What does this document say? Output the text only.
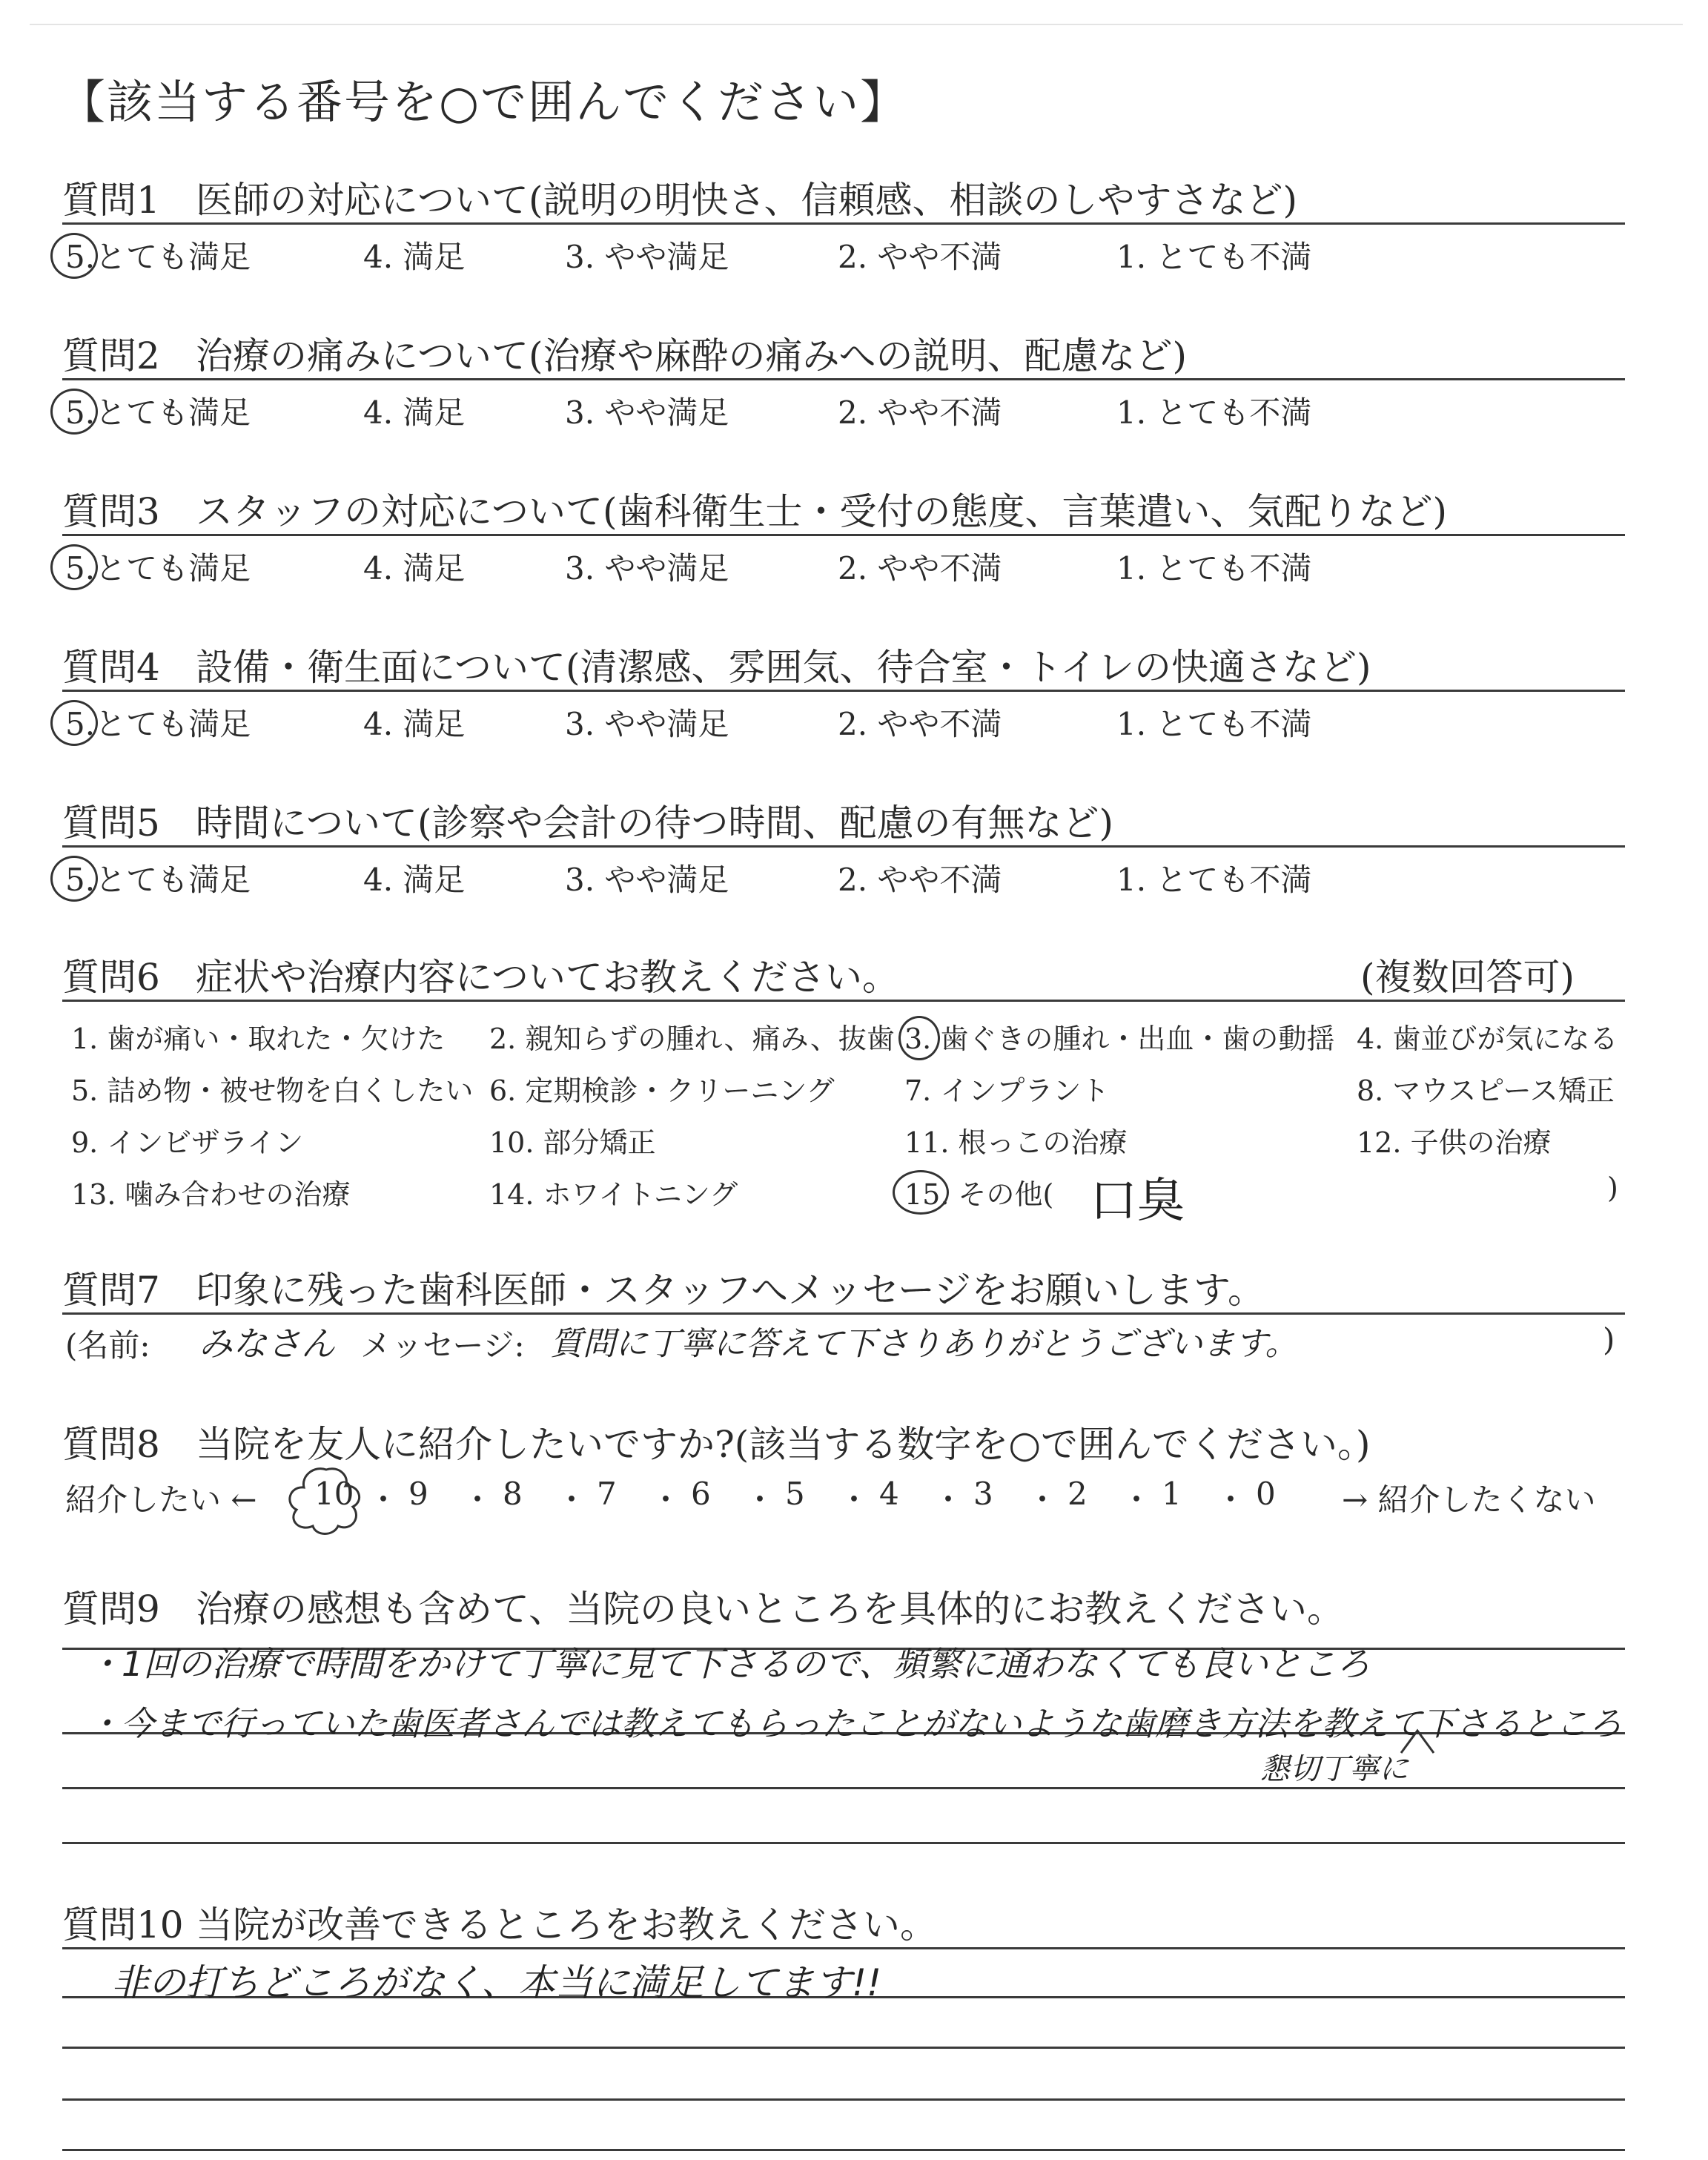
【該当する番号を○で囲んでください】
質問1 医師の対応について(説明の明快さ、信頼感、相談のしやすさなど)
5.とても満足	4. 満足	3. やや満足	2. やや不満	1. とても不満
質問2 治療の痛みについて(治療や麻酔の痛みへの説明、配慮など)
5.とても満足	4. 満足	3. やや満足	2. やや不満	1. とても不満
質問3 スタッフの対応について(歯科衛生士・受付の態度、言葉遣い、気配りなど)
5.とても満足	4. 満足	3. やや満足	2. やや不満	1. とても不満
質問4 設備・衛生面について(清潔感、雰囲気、待合室・トイレの快適さなど)
5.とても満足	4. 満足	3. やや満足	2. やや不満	1. とても不満
質問5 時間について(診察や会計の待つ時間、配慮の有無など)
5.とても満足	4. 満足	3. やや満足	2. やや不満	1. とても不満
質問6 症状や治療内容についてお教えください。	(複数回答可)
1. 歯が痛い・取れた・欠けた 2. 親知らずの腫れ、痛み、抜歯 3. 歯ぐきの腫れ・出血・歯の動揺 4. 歯並びが気になる
5. 詰め物・被せ物を白くしたい 6. 定期検診・クリーニング 7. インプラント	8. マウスピース矯正
9. インビザライン	10. 部分矯正	11. 根っこの治療	12. 子供の治療
13. 噛み合わせの治療	14. ホワイトニング	15. その他(	)
口臭
質問7 印象に残った歯科医師・スタッフへメッセージをお願いします。
(名前: みなさん メッセージ: 質問に丁寧に答えて下さりありがとうございます。	)
質問8 当院を友人に紹介したいですか?(該当する数字を○で囲んでください。)
紹介したい ← 10 ・ 9 ・ 8 ・ 7 ・ 6 ・ 5 ・ 4 ・ 3 ・ 2 ・ 1 ・ 0 → 紹介したくない
質問9 治療の感想も含めて、当院の良いところを具体的にお教えください。
・1回の治療で時間をかけて丁寧に見て下さるので、頻繁に通わなくても良いところ
・今まで行っていた歯医者さんでは教えてもらったことがないような歯磨き方法を教えて下さるところ
懇切丁寧に
質問10 当院が改善できるところをお教えください。
非の打ちどころがなく、本当に満足してます!!
